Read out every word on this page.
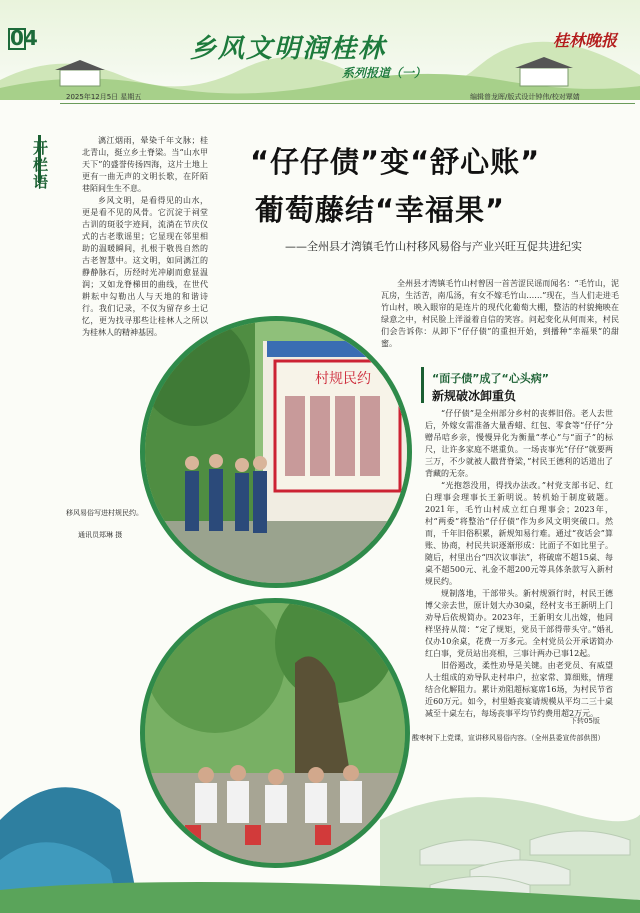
04	乡风文明润桂林
系列报道（一）
桂林晚报
2025年12月5日 星期五	编辑曾龙晖/版式设计钟伟/校对覃婧
开栏语

漓江烟雨，晕染千年文脉；桂北青山，挺立乡土脊梁。当“山水甲天下”的盛誉传扬四海，这片土地上更有一曲无声的文明长歌，在阡陌巷陌间生生不息。

乡风文明，是看得见的山水，更是看不见的风骨。它沉淀于祠堂古训的斑驳字迹间，流淌在节庆仪式的古老歌谣里；它显现在邻里相助的温暖瞬间，扎根于敬畏自然的古老智慧中。这文明，如同漓江的静静脉石，历经时光冲刷而愈显温润；又如龙脊梯田的曲线，在世代耕耘中勾勒出人与天地的和谐诗行。我们记录，不仅为留存乡土记忆，更为找寻那些让桂林人之所以为桂林人的精神基因。

“仔仔债”变“舒心账”
葡萄藤结“幸福果”
——全州县才湾镇毛竹山村移风易俗与产业兴旺互促共进纪实

全州县才湾镇毛竹山村曾因一首苦涩民谣而闻名：“毛竹山，泥瓦房，生活苦，南瓜汤，有女不嫁毛竹山……”现在，当人们走进毛竹山村，映入眼帘的是连片的现代化葡萄大棚，整洁的村貌掩映在绿意之中，村民脸上洋溢着自信的笑容。问起变化从何而来，村民们会告诉你：从卸下“仔仔债”的重担开始，到播种“幸福果”的甜蜜。

村规民约
移风易俗写进村规民约。
通讯员郑琳 摄
“面子债”成了“心头病”
新规破冰卸重负

“仔仔债”是全州部分乡村的丧葬旧俗。老人去世后，外嫁女需准备大量香蜡、红包、零食等“仔仔”分赠吊唁乡亲，慢慢异化为衡量“孝心”与“面子”的标尺，让许多家庭不堪重负。一场丧事光“仔仔”就要两三万，不少就被人戳背脊梁，”村民王德利的话道出了背藏的无奈。

“光抱怨没用，得找办法改。”村党支部书记、红白理事会理事长王新明说。转机始于制度破题。2021年，毛竹山村成立红白理事会；2023年，村“两委”将整治“仔仔债”作为乡风文明突破口。然而，千年旧俗积累，新规知易行难。通过“夜话会”算账、协商，村民共识逐渐形成：比面子不如比里子。随后，村里出台“四次议事法”，将破席不超15桌、每桌不超500元、礼金不超200元等具体条款写入新村规民约。

规制落地，干部带头。新村规颁行时，村民王德博父亲去世，原计划大办30桌，经村支书王新明上门劝导后依规简办。2023年，王新明女儿出嫁，他同样坚持从简：“定了规矩，党员干部得带头守。”婚礼仅办10余桌，花费一万多元。全村党员公开承诺简办红白事，党员站出亮相，三事计两办已事12起。

旧俗遏改，柔性劝导是关键。由老党员、有威望人士组成的劝导队走村串户，拉家常、算细账，情理结合化解阻力。累计劝阻超标宴席16场，为村民节省近60万元。如今，村里婚丧宴请规模从平均二三十桌减至十桌左右，每场丧事平均节约费用超2万元。

下转05版
酸枣树下上党课，宣讲移风易俗内容。（全州县委宣传部供图）
